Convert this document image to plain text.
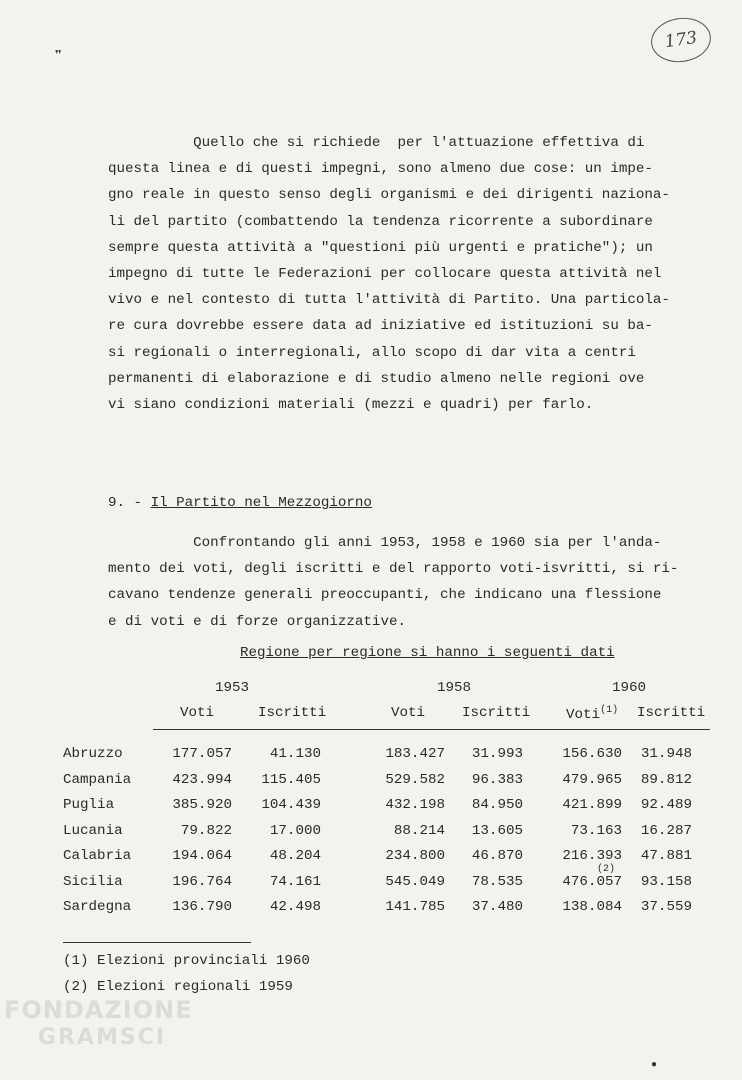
173
❞
Quello che si richiede  per l'attuazione effettiva di
questa linea e di questi impegni, sono almeno due cose: un impe-
gno reale in questo senso degli organismi e dei dirigenti naziona-
li del partito (combattendo la tendenza ricorrente a subordinare
sempre questa attività a "questioni più urgenti e pratiche"); un
impegno di tutte le Federazioni per collocare questa attività nel
vivo e nel contesto di tutta l'attività di Partito. Una particola-
re cura dovrebbe essere data ad iniziative ed istituzioni su ba-
si regionali o interregionali, allo scopo di dar vita a centri
permanenti di elaborazione e di studio almeno nelle regioni ove
vi siano condizioni materiali (mezzi e quadri) per farlo.
9. - Il Partito nel Mezzogiorno
Confrontando gli anni 1953, 1958 e 1960 sia per l'anda-
mento dei voti, degli iscritti e del rapporto voti-isvritti, si ri-
cavano tendenze generali preoccupanti, che indicano una flessione
e di voti e di forze organizzative.
Regione per regione si hanno i seguenti dati
1953	1958	1960
Voti	Iscritti	Voti	Iscritti	Voti$^{(1)}$ Iscritti
Abruzzo	177.057	41.130	183.427	31.993	156.630	31.948
Campania	423.994	115.405	529.582	96.383	479.965	89.812
Puglia	385.920	104.439	432.198	84.950	421.899	92.489
Lucania	79.822	17.000	88.214	13.605	73.163	16.287
Calabria	194.064	48.204	234.800	46.870	216.393	47.881
Sicilia	196.764	74.161	545.049	78.535	476.057	93.158
(2)
Sardegna	136.790	42.498	141.785	37.480	138.084	37.559
(1) Elezioni provinciali 1960
(2) Elezioni regionali 1959
FONDAZIONE
GRAMSCI
●
